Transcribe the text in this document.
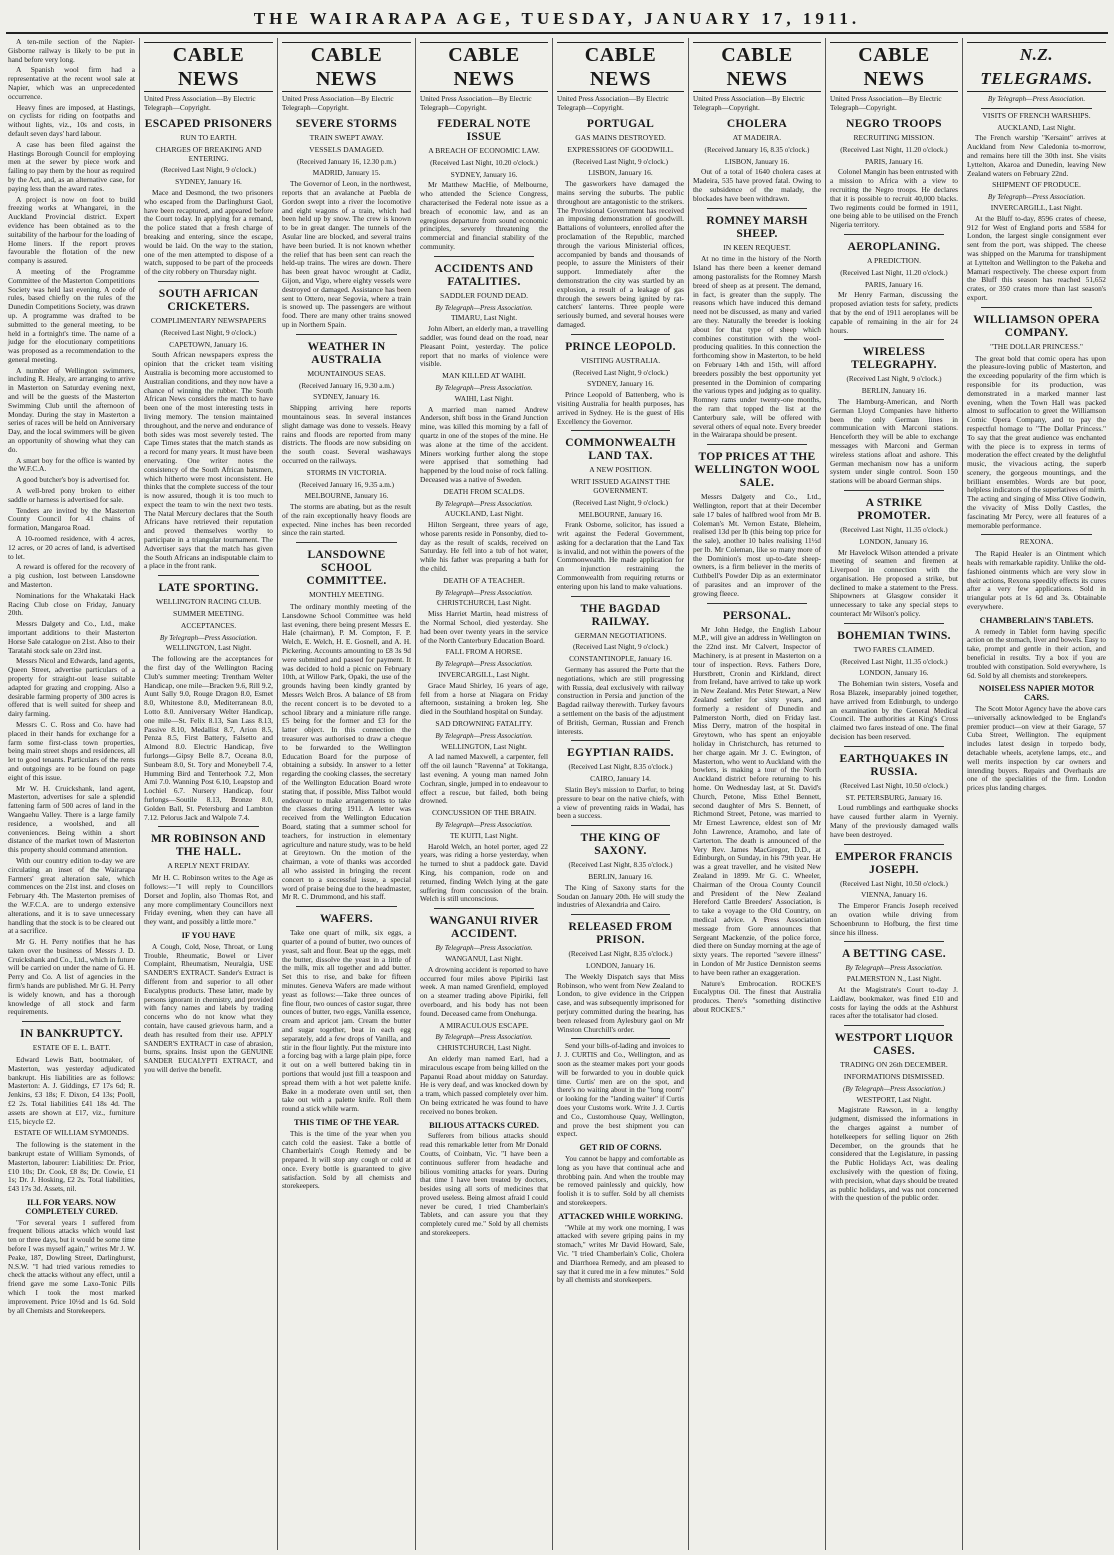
THE WAIRARAPA AGE, TUESDAY, JANUARY 17, 1911.

A ten-mile section of the Napier-Gisborne railway is likely to be put in hand before very long.

A Spanish wool firm had a representative at the recent wool sale at Napier, which was an unprecedented occurrence.

Heavy fines are imposed, at Hastings, on cyclists for riding on footpaths and without lights, viz., 10s and costs, in default seven days' hard labour.

A case has been filed against the Hastings Borough Council for employing men at the sewer by piece work and failing to pay them by the hour as required by the Act, and, as an alternative case, for paying less than the award rates.

A project is now on foot to build freezing works at Whangarei, in the Auckland Provincial district. Expert evidence has been obtained as to the suitability of the harbour for the loading of Home liners. If the report proves favourable the flotation of the new company is assured.

A meeting of the Programme Committee of the Masterton Competitions Society was held last evening. A code of rules, based chiefly on the rules of the Dunedin Competitions Society, was drawn up. A programme was drafted to be submitted to the general meeting, to be held in a fortnight's time. The name of a judge for the elocutionary competitions was proposed as a recommendation to the general meeting.

A number of Wellington swimmers, including R. Healy, are arranging to arrive in Masterton on Saturday evening next, and will be the guests of the Masterton Swimming Club until the afternoon of Monday. During the stay in Masterton a series of races will be held on Anniversary Day, and the local swimmers will be given an opportunity of showing what they can do.

A smart boy for the office is wanted by the W.F.C.A.

A good butcher's boy is advertised for.

A well-bred pony broken to either saddle or harness is advertised for sale.

Tenders are invited by the Masterton County Council for 41 chains of formation, Mangaroa Road.

A 10-roomed residence, with 4 acres, 12 acres, or 20 acres of land, is advertised to let.

A reward is offered for the recovery of a pig cushion, lost between Lansdowne and Masterton.

Nominations for the Whakataki Hack Racing Club close on Friday, January 20th.

Messrs Dalgety and Co., Ltd., make important additions to their Masterton Horse Sale catalogue on 21st. Also to their Taratahi stock sale on 23rd inst.

Messrs Nicol and Edwards, land agents, Queen Street, advertise particulars of a property for straight-out lease suitable adapted for grazing and cropping. Also a desirable farming property of 300 acres is offered that is well suited for sheep and dairy farming.

Messrs C. C. Ross and Co. have had placed in their hands for exchange for a farm some first-class town properties, being main street shops and residences, all let to good tenants. Particulars of the rents and outgoings are to be found on page eight of this issue.

Mr W. H. Cruickshank, land agent, Masterton, advertises for sale a splendid fattening farm of 500 acres of land in the Wangaehu Valley. There is a large family residence, a woolshed, and all conveniences. Being within a short distance of the market town of Masterton this property should command attention.

With our country edition to-day we are circulating an inset of the Wairarapa Farmers' great alteration sale, which commences on the 21st inst. and closes on February 4th. The Masterton premises of the W.F.C.A. are to undergo extensive alterations, and it is to save unnecessary handling that the stock is to be cleared out at a sacrifice.

Mr G. H. Perry notifies that he has taken over the business of Messrs J. D. Cruickshank and Co., Ltd., which in future will be carried on under the name of G. H. Perry and Co. A list of agencies in the firm's hands are published. Mr G. H. Perry is widely known, and has a thorough knowledge of all stock and farm requirements.

IN BANKRUPTCY.
ESTATE OF E. L. BATT.

Edward Lewis Batt, bootmaker, of Masterton, was yesterday adjudicated bankrupt. His liabilities are as follows: Masterton: A. J. Giddings, £7 17s 6d; R. Jenkins, £3 18s; F. Dixon, £4 13s; Pooll, £2 2s. Total liabilities £41 18s 4d. The assets are shown at £17, viz., furniture £15, bicycle £2.

ESTATE OF WILLIAM SYMONDS.

The following is the statement in the bankrupt estate of William Symonds, of Masterton, labourer: Liabilities: Dr. Prior, £10 10s; Dr. Cook, £8 8s; Dr. Cowie, £1 1s; Dr. J. Hosking, £2 2s. Total liabilities, £43 17s 3d. Assets, nil.

ILL FOR YEARS. NOW COMPLETELY CURED.

"For several years I suffered from frequent bilious attacks which would last ten or three days, but it would be some time before I was myself again," writes Mr J. W. Peake, 187, Dowling Street, Darlinghurst, N.S.W. "I had tried various remedies to check the attacks without any effect, until a friend gave me some Laxo-Tonic Pills which I took the most marked improvement. Price 10½d and 1s 6d. Sold by all Chemists and Storekeepers.

CABLE NEWS
United Press Association—By Electric Telegraph—Copyright.
ESCAPED PRISONERS
RUN TO EARTH.
CHARGES OF BREAKING AND ENTERING.
(Received Last Night, 9 o'clock.)
SYDNEY, January 16.

Mace and Desmond, the two prisoners who escaped from the Darlinghurst Gaol, have been recaptured, and appeared before the Court today. In applying for a remand, the police stated that a fresh charge of breaking and entering, since the escape, would be laid. On the way to the station, one of the men attempted to dispose of a watch, supposed to be part of the proceeds of the city robbery on Thursday night.

SOUTH AFRICAN CRICKETERS.
COMPLIMENTARY NEWSPAPERS
(Received Last Night, 9 o'clock.)
CAPETOWN, January 16.

South African newspapers express the opinion that the cricket team visiting Australia is becoming more accustomed to Australian conditions, and they now have a chance of winning the rubber. The South African News considers the match to have been one of the most interesting tests in living memory. The tension maintained throughout, and the nerve and endurance of both sides was most severely tested. The Cape Times states that the match stands as a record for many years. It must have been enervating. One writer notes the consistency of the South African batsmen, which hitherto were most inconsistent. He thinks that the complete success of the tour is now assured, though it is too much to expect the team to win the next two tests. The Natal Mercury declares that the South Africans have retrieved their reputation and proved themselves worthy to participate in a triangular tournament. The Advertiser says that the match has given the South Africans an indisputable claim to a place in the front rank.

LATE SPORTING.
WELLINGTON RACING CLUB.
SUMMER MEETING.
ACCEPTANCES.
By Telegraph—Press Association.
WELLINGTON, Last Night.

The following are the acceptances for the first day of the Wellington Racing Club's summer meeting: Trentham Welter Handicap, one mile—Bracken 9.6, Rill 9.2, Aunt Sally 9.0, Rouge Dragon 8.0, Esmet 8.0, Whitestone 8.0, Mediterranean 8.0, Lotto 8.0. Anniversary Welter Handicap, one mile—St. Felix 8.13, San Lass 8.13, Passive 8.10, Medallist 8.7, Arion 8.5, Penza 8.5, First Battery, Falsetto and Almond 8.0. Electric Handicap, five furlongs—Gipsy Belle 8.7, Oceana 8.0, Sunbeam 8.0, St. Tory and Moneybell 7.4, Humming Bird and Tenterhook 7.2, Mon Ami 7.0. Wanning Post 6.10, Leapstop and Lochiel 6.7. Nursery Handicap, four furlongs—Soutile 8.13, Bronze 8.0, Golden Ball, St. Petersburg and Lambton 7.12. Pelorus Jack and Walpole 7.4.

MR ROBINSON AND THE HALL.
A REPLY NEXT FRIDAY.

Mr H. C. Robinson writes to the Age as follows:—"I will reply to Councillors Dorset and Joplin, also Thomas Rot, and any more complimentary Councillors next Friday evening, when they can have all they want, and possibly a little more."

IF YOU HAVE

A Cough, Cold, Nose, Throat, or Lung Trouble, Rheumatic, Bowel or Liver Complaint, Rheumatism, Neuralgia, USE SANDER'S EXTRACT. Sander's Extract is different from and superior to all other Eucalyptus products. These latter, made by persons ignorant in chemistry, and provided with fancy names and labels by trading concerns who do not know what they contain, have caused grievous harm, and a death has resulted from their use. APPLY SANDER'S EXTRACT in case of abrasion, burns, sprains. Insist upon the GENUINE SANDER EUCALYPTI EXTRACT, and you will derive the benefit.

CABLE NEWS
United Press Association—By Electric Telegraph—Copyright.
SEVERE STORMS
TRAIN SWEPT AWAY.
VESSELS DAMAGED.
(Received January 16, 12.30 p.m.)
MADRID, January 15.

The Governor of Leon, in the northwest, reports that an avalanche at Puebla de Gordon swept into a river the locomotive and eight wagons of a train, which had been held up by snow. The crew is known to be in great danger. The tunnels of the Asular line are blocked, and several trains have been buried. It is not known whether the relief that has been sent can reach the held-up trains. The wires are down. There has been great havoc wrought at Cadiz, Gijon, and Vigo, where eighty vessels were destroyed or damaged. Assistance has been sent to Ottero, near Segovia, where a train is snowed up. The passengers are without food. There are many other trains snowed up in Northern Spain.

WEATHER IN AUSTRALIA
MOUNTAINOUS SEAS.
(Received January 16, 9.30 a.m.)
SYDNEY, January 16.

Shipping arriving here reports mountainous seas. In several instances slight damage was done to vessels. Heavy rains and floods are reported from many districts. The floods are now subsiding on the south coast. Several washaways occurred on the railways.

STORMS IN VICTORIA.
(Received January 16, 9.35 a.m.)
MELBOURNE, January 16.

The storms are abating, but as the result of the rain exceptionally heavy floods are expected. Nine inches has been recorded since the rain started.

LANSDOWNE SCHOOL COMMITTEE.
MONTHLY MEETING.

The ordinary monthly meeting of the Lansdowne School Committee was held last evening, there being present Messrs E. Hale (chairman), P. M. Compton, F. P. Welch, E. Welch, H. E. Gosnell, and A. H. Pickering. Accounts amounting to £8 3s 9d were submitted and passed for payment. It was decided to hold a picnic on February 10th, at Willow Park, Opaki, the use of the grounds having been kindly granted by Messrs Welch Bros. A balance of £8 from the recent concert is to be devoted to a school library and a miniature rifle range. £5 being for the former and £3 for the latter object. In this connection the treasurer was authorised to draw a cheque to be forwarded to the Wellington Education Board for the purpose of obtaining a subsidy. In answer to a letter regarding the cooking classes, the secretary of the Wellington Education Board wrote stating that, if possible, Miss Talbot would endeavour to make arrangements to take the classes during 1911. A letter was received from the Wellington Education Board, stating that a summer school for teachers, for instruction in elementary agriculture and nature study, was to be held at Greytown. On the motion of the chairman, a vote of thanks was accorded all who assisted in bringing the recent concert to a successful issue, a special word of praise being due to the headmaster, Mr R. C. Drummond, and his staff.

WAFERS.

Take one quart of milk, six eggs, a quarter of a pound of butter, two ounces of yeast, salt and flour. Beat up the eggs, melt the butter, dissolve the yeast in a little of the milk, mix all together and add butter. Set this to rise, and bake for fifteen minutes. Geneva Wafers are made without yeast as follows:—Take three ounces of fine flour, two ounces of castor sugar, three ounces of butter, two eggs, Vanilla essence, cream and apricot jam. Cream the butter and sugar together, beat in each egg separately, add a few drops of Vanilla, and stir in the flour lightly. Put the mixture into a forcing bag with a large plain pipe, force it out on a well buttered baking tin in portions that would just fill a teaspoon and spread them with a hot wet palette knife. Bake in a moderate oven until set, then take out with a palette knife. Roll them round a stick while warm.

THIS TIME OF THE YEAR.

This is the time of the year when you catch cold the easiest. Take a bottle of Chamberlain's Cough Remedy and be prepared. It will stop any cough or cold at once. Every bottle is guaranteed to give satisfaction. Sold by all chemists and storekeepers.

CABLE NEWS
United Press Association—By Electric Telegraph—Copyright.
FEDERAL NOTE ISSUE
A BREACH OF ECONOMIC LAW.
(Received Last Night, 10.20 o'clock.)
SYDNEY, January 16.

Mr Matthew MacHie, of Melbourne, who attended the Science Congress, characterised the Federal note issue as a breach of economic law, and as an egregious departure from sound economic principles, severely threatening the commercial and financial stability of the community.

ACCIDENTS AND FATALITIES.
SADDLER FOUND DEAD.
By Telegraph—Press Association.
TIMARU, Last Night.

John Albert, an elderly man, a travelling saddler, was found dead on the road, near Pleasant Point, yesterday. The police report that no marks of violence were visible.

MAN KILLED AT WAIHI.
By Telegraph—Press Association.
WAIHI, Last Night.

A married man named Andrew Anderson, shift boss in the Grand Junction mine, was killed this morning by a fall of quartz in one of the stopes of the mine. He was alone at the time of the accident. Miners working further along the stope were apprised that something had happened by the loud noise of rock falling. Deceased was a native of Sweden.

DEATH FROM SCALDS.
By Telegraph—Press Association.
AUCKLAND, Last Night.

Hilton Sergeant, three years of age, whose parents reside in Ponsonby, died to-day as the result of scalds, received on Saturday. He fell into a tub of hot water, while his father was preparing a bath for the child.

DEATH OF A TEACHER.
By Telegraph—Press Association.
CHRISTCHURCH, Last Night.

Miss Harriet Martin, head mistress of the Normal School, died yesterday. She had been over twenty years in the service of the North Canterbury Education Board.

FALL FROM A HORSE.
By Telegraph—Press Association.
INVERCARGILL, Last Night.

Grace Maud Shirley, 16 years of age, fell from a horse at Niagara on Friday afternoon, sustaining a broken leg. She died in the Southland hospital on Sunday.

SAD DROWNING FATALITY.
By Telegraph—Press Association.
WELLINGTON, Last Night.

A lad named Maxwell, a carpenter, fell off the oil launch "Ravenna" at Tokitanga, last evening. A young man named John Cochran, single, jumped in to endeavour to effect a rescue, but failed, both being drowned.

CONCUSSION OF THE BRAIN.
By Telegraph—Press Association.
TE KUITI, Last Night.

Harold Welch, an hotel porter, aged 22 years, was riding a horse yesterday, when he turned to shut a paddock gate. David King, his companion, rode on and returned, finding Welch lying at the gate suffering from concussion of the brain. Welch is still unconscious.

WANGANUI RIVER ACCIDENT.
By Telegraph—Press Association.
WANGANUI, Last Night.

A drowning accident is reported to have occurred four miles above Pipiriki last week. A man named Grenfield, employed on a steamer trading above Pipiriki, fell overboard, and his body has not been found. Deceased came from Onehunga.

A MIRACULOUS ESCAPE.
By Telegraph—Press Association.
CHRISTCHURCH, Last Night.

An elderly man named Earl, had a miraculous escape from being killed on the Papanui Road about midday on Saturday. He is very deaf, and was knocked down by a tram, which passed completely over him. On being extricated he was found to have received no bones broken.

BILIOUS ATTACKS CURED.

Sufferers from bilious attacks should read this remarkable letter from Mr Donald Coutts, of Coinbatn, Vic. "I have been a continuous sufferer from headache and bilious vomiting attacks for years. During that time I have been treated by doctors, besides using all sorts of medicines that proved useless. Being almost afraid I could never be cured, I tried Chamberlain's Tablets, and can assure you that they completely cured me." Sold by all chemists and storekeepers.

CABLE NEWS
United Press Association—By Electric Telegraph—Copyright.
PORTUGAL
GAS MAINS DESTROYED.
EXPRESSIONS OF GOODWILL.
(Received Last Night, 9 o'clock.)
LISBON, January 16.

The gasworkers have damaged the mains serving the suburbs. The public throughout are antagonistic to the strikers. The Provisional Government has received an imposing demonstration of goodwill. Battalions of volunteers, enrolled after the proclamation of the Republic, marched through the various Ministerial offices, accompanied by bands and thousands of people, to assure the Ministers of their support. Immediately after the demonstration the city was startled by an explosion, a result of a leakage of gas through the sewers being ignited by rat-catchers' lanterns. Three people were seriously burned, and several houses were damaged.

PRINCE LEOPOLD.
VISITING AUSTRALIA.
(Received Last Night, 9 o'clock.)
SYDNEY, January 16.

Prince Leopold of Battenberg, who is visiting Australia for health purposes, has arrived in Sydney. He is the guest of His Excellency the Governor.

COMMONWEALTH LAND TAX.
A NEW POSITION.
WRIT ISSUED AGAINST THE GOVERNMENT.
(Received Last Night, 9 o'clock.)
MELBOURNE, January 16.

Frank Osborne, solicitor, has issued a writ against the Federal Government, asking for a declaration that the Land Tax is invalid, and not within the powers of the Commonwealth. He made application for an injunction restraining the Commonwealth from requiring returns or entering upon his land to make valuations.

THE BAGDAD RAILWAY.
GERMAN NEGOTIATIONS.
(Received Last Night, 9 o'clock.)
CONSTANTINOPLE, January 16.

Germany has assured the Porte that the negotiations, which are still progressing with Russia, deal exclusively with railway construction in Persia and junction of the Bagdad railway therewith. Turkey favours a settlement on the basis of the adjustment of British, German, Russian and French interests.

EGYPTIAN RAIDS.
(Received Last Night, 8.35 o'clock.)
CAIRO, January 14.

Slatin Bey's mission to Darfur, to bring pressure to bear on the native chiefs, with a view of preventing raids in Wadai, has been a success.

THE KING OF SAXONY.
(Received Last Night, 8.35 o'clock.)
BERLIN, January 16.

The King of Saxony starts for the Soudan on January 20th. He will study the industries of Alexandria and Cairo.

RELEASED FROM PRISON.
(Received Last Night, 8.35 o'clock.)
LONDON, January 16.

The Weekly Dispatch says that Miss Robinson, who went from New Zealand to London, to give evidence in the Crippen case, and was subsequently imprisoned for perjury committed during the hearing, has been released from Aylesbury gaol on Mr Winston Churchill's order.

Send your bills-of-lading and invoices to J. J. CURTIS and Co., Wellington, and as soon as the steamer makes port your goods will be forwarded to you in double quick time. Curtis' men are on the spot, and there's no waiting about in the "long room" or looking for the "landing waiter" if Curtis does your Customs work. Write J. J. Curtis and Co., Customhouse Quay, Wellington, and prove the best shipment you can expect.

GET RID OF CORNS.

You cannot be happy and comfortable as long as you have that continual ache and throbbing pain. And when the trouble may be removed painlessly and quickly, how foolish it is to suffer. Sold by all chemists and storekeepers.

ATTACKED WHILE WORKING.

"While at my work one morning, I was attacked with severe griping pains in my stomach," writes Mr David Howard, Sale, Vic. "I tried Chamberlain's Colic, Cholera and Diarrhoea Remedy, and am pleased to say that it cured me in a few minutes." Sold by all chemists and storekeepers.

CABLE NEWS
United Press Association—By Electric Telegraph—Copyright.
CHOLERA
AT MADEIRA.
(Received January 16, 8.35 o'clock.)
LISBON, January 16.

Out of a total of 1640 cholera cases at Madeira, 535 have proved fatal. Owing to the subsidence of the malady, the blockades have been withdrawn.

ROMNEY MARSH SHEEP.
IN KEEN REQUEST.

At no time in the history of the North Island has there been a keener demand among pastoralists for the Romney Marsh breed of sheep as at present. The demand, in fact, is greater than the supply. The reasons which have induced this demand need not be discussed, as many and varied are they. Naturally the breeder is looking about for that type of sheep which combines constitution with the wool-producing qualities. In this connection the forthcoming show in Masterton, to be held on February 14th and 15th, will afford breeders possibly the best opportunity yet presented in the Dominion of comparing the various types and judging as to quality. Romney rams under twenty-one months, the ram that topped the list at the Canterbury sale, will be offered with several others of equal note. Every breeder in the Wairarapa should be present.

TOP PRICES AT THE WELLINGTON WOOL SALE.

Messrs Dalgety and Co., Ltd., Wellington, report that at their December sale 17 bales of halfbred wool from Mr B. Coleman's Mt. Vernon Estate, Bleheim, realised 13d per lb (this being top price for the sale), another 10 bales realising 11½d per lb. Mr Coleman, like so many more of the Dominion's most up-to-date sheep-owners, is a firm believer in the merits of Cuthbell's Powder Dip as an exterminator of parasites and an improver of the growing fleece.

PERSONAL.

Mr John Hedge, the English Labour M.P., will give an address in Wellington on the 22nd inst. Mr Calvert, Inspector of Machinery, is at present in Masterton on a tour of inspection. Revs. Fathers Dore, Hurstbrett, Cronin and Kirkland, direct from Ireland, have arrived to take up work in New Zealand. Mrs Peter Stewart, a New Zealand settler for sixty years, and formerly a resident of Dunedin and Palmerston North, died on Friday last. Miss Derry, matron of the hospital in Greytown, who has spent an enjoyable holiday in Christchurch, has returned to her charge again. Mr J. C. Ewington, of Masterton, who went to Auckland with the bowlers, is making a tour of the North Auckland district before returning to his home. On Wednesday last, at St. David's Church, Petone, Miss Ethel Bennett, second daughter of Mrs S. Bennett, of Richmond Street, Petone, was married to Mr Ernest Lawrence, eldest son of Mr John Lawrence, Aramoho, and late of Carterton. The death is announced of the Very Rev. James MacGregor, D.D., at Edinburgh, on Sunday, in his 79th year. He was a great traveller, and he visited New Zealand in 1899. Mr G. C. Wheeler, Chairman of the Oroua County Council and President of the New Zealand Hereford Cattle Breeders' Association, is to take a voyage to the Old Country, on medical advice. A Press Association message from Gore announces that Sergeant Mackenzie, of the police force, died there on Sunday morning at the age of sixty years. The reported "severe illness" in London of Mr Justice Denniston seems to have been rather an exaggeration.

Nature's Embrocation. ROCKE'S Eucalyptus Oil. The finest that Australia produces. There's "something distinctive about ROCKE'S."

CABLE NEWS
United Press Association—By Electric Telegraph—Copyright.
NEGRO TROOPS
RECRUITING MISSION.
(Received Last Night, 11.20 o'clock.)
PARIS, January 16.

Colonel Mangin has been entrusted with a mission to Africa with a view to recruiting the Negro troops. He declares that it is possible to recruit 40,000 blacks. Two regiments could be formed in 1911, one being able to be utilised on the French Nigeria territory.

AEROPLANING.
A PREDICTION.
(Received Last Night, 11.20 o'clock.)
PARIS, January 16.

Mr Henry Farman, discussing the proposed aviation tests for safety, predicts that by the end of 1911 aeroplanes will be capable of remaining in the air for 24 hours.

WIRELESS TELEGRAPHY.
(Received Last Night, 9 o'clock.)
BERLIN, January 16.

The Hamburg-American, and North German Lloyd Companies have hitherto been the only German lines in communication with Marconi stations. Henceforth they will be able to exchange messages with Marconi and German wireless stations afloat and ashore. This German mechanism now has a uniform system under single control. Soon 150 stations will be aboard German ships.

A STRIKE PROMOTER.
(Received Last Night, 11.35 o'clock.)
LONDON, January 16.

Mr Havelock Wilson attended a private meeting of seamen and firemen at Liverpool in connection with the organisation. He proposed a strike, but declined to make a statement to the Press. Shipowners at Glasgow consider it unnecessary to take any special steps to counteract Mr Wilson's policy.

BOHEMIAN TWINS.
TWO FARES CLAIMED.
(Received Last Night, 11.35 o'clock.)
LONDON, January 16.

The Bohemian twin sisters, Vosefa and Rosa Blazek, inseparably joined together, have arrived from Edinburgh, to undergo an examination by the General Medical Council. The authorities at King's Cross claimed two fares instead of one. The final decision has been reserved.

EARTHQUAKES IN RUSSIA.
(Received Last Night, 10.50 o'clock.)
ST. PETERSBURG, January 16.

Loud rumblings and earthquake shocks have caused further alarm in Vyerniy. Many of the previously damaged walls have been destroyed.

EMPEROR FRANCIS JOSEPH.
(Received Last Night, 10.50 o'clock.)
VIENNA, January 16.

The Emperor Francis Joseph received an ovation while driving from Schoenbrunn to Hofburg, the first time since his illness.

A BETTING CASE.
By Telegraph—Press Association.
PALMERSTON N., Last Night.

At the Magistrate's Court to-day J. Laidlaw, bookmaker, was fined £10 and costs for laying the odds at the Ashhurst races after the totalisator had closed.

WESTPORT LIQUOR CASES.
TRADING ON 26th DECEMBER.
INFORMATIONS DISMISSED.
(By Telegraph—Press Association.)
WESTPORT, Last Night.

Magistrate Rawson, in a lengthy judgment, dismissed the informations in the charges against a number of hotelkeepers for selling liquor on 26th December, on the grounds that he considered that the Legislature, in passing the Public Holidays Act, was dealing exclusively with the question of fixing, with precision, what days should be treated as public holidays, and was not concerned with the question of the public order.

N.Z. TELEGRAMS.
By Telegraph—Press Association.
VISITS OF FRENCH WARSHIPS.
AUCKLAND, Last Night.

The French warship "Kersaint" arrives at Auckland from New Caledonia to-morrow, and remains here till the 30th inst. She visits Lyttelton, Akaroa and Dunedin, leaving New Zealand waters on February 22nd.

SHIPMENT OF PRODUCE.
By Telegraph—Press Association.
INVERCARGILL, Last Night.

At the Bluff to-day, 8596 crates of cheese, 912 for West of England ports and 5584 for London, the largest single consignment ever sent from the port, was shipped. The cheese was shipped on the Maruma for transhipment at Lyttelton and Wellington to the Pakeha and Mamari respectively. The cheese export from the Bluff this season has reached 51,652 crates, or 350 crates more than last season's export.

WILLIAMSON OPERA COMPANY.
"THE DOLLAR PRINCESS."

The great bold that comic opera has upon the pleasure-loving public of Masterton, and the exceeding popularity of the firm which is responsible for its production, was demonstrated in a marked manner last evening, when the Town Hall was packed almost to suffocation to greet the Williamson Comic Opera Company, and to pay the respectful homage to "The Dollar Princess." To say that the great audience was enchanted with the piece is to express in terms of moderation the effect created by the delightful music, the vivacious acting, the superb scenery, the gorgeous mountings, and the brilliant ensembles. Words are but poor, helpless indicators of the superlatives of mirth. The acting and singing of Miss Olive Godwin, the vivacity of Miss Dolly Castles, the fascinating Mr Percy, were all features of a memorable performance.

REXONA.

The Rapid Healer is an Ointment which heals with remarkable rapidity. Unlike the old-fashioned ointments which are very slow in their actions, Rexona speedily effects its cures after a very few applications. Sold in triangular pots at 1s 6d and 3s. Obtainable everywhere.

CHAMBERLAIN'S TABLETS.

A remedy in Tablet form having specific action on the stomach, liver and bowels. Easy to take, prompt and gentle in their action, and beneficial in results. Try a box if you are troubled with constipation. Sold everywhere, 1s 6d. Sold by all chemists and storekeepers.

NOISELESS NAPIER MOTOR CARS.

The Scott Motor Agency have the above cars—universally acknowledged to be England's premier product—on view at their Garage, 57 Cuba Street, Wellington. The equipment includes latest design in torpedo body, detachable wheels, acetylene lamps, etc., and well merits inspection by car owners and intending buyers. Repairs and Overhauls are one of the specialities of the firm. London prices plus landing charges.
